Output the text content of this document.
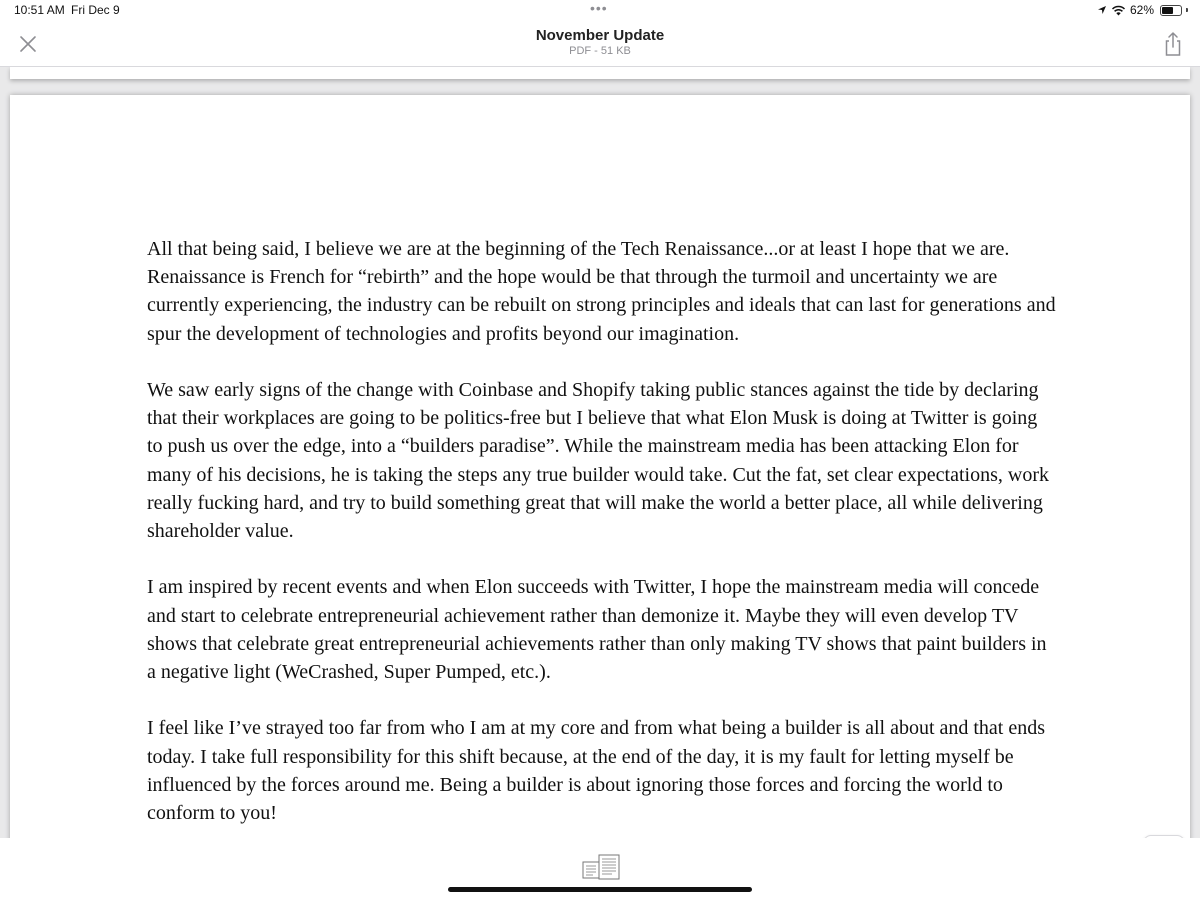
10:51 AM Fri Dec 9	•••	62%
November Update
PDF - 51 KB

All that being said, I believe we are at the beginning of the Tech Renaissance...or at least I hope that we are. Renaissance is French for “rebirth” and the hope would be that through the turmoil and uncertainty we are currently experiencing, the industry can be rebuilt on strong principles and ideals that can last for generations and spur the development of technologies and profits beyond our imagination.

We saw early signs of the change with Coinbase and Shopify taking public stances against the tide by declaring that their workplaces are going to be politics-free but I believe that what Elon Musk is doing at Twitter is going to push us over the edge, into a “builders paradise”. While the mainstream media has been attacking Elon for many of his decisions, he is taking the steps any true builder would take. Cut the fat, set clear expectations, work really fucking hard, and try to build something great that will make the world a better place, all while delivering shareholder value.

I am inspired by recent events and when Elon succeeds with Twitter, I hope the mainstream media will concede and start to celebrate entrepreneurial achievement rather than demonize it. Maybe they will even develop TV shows that celebrate great entrepreneurial achievements rather than only making TV shows that paint builders in a negative light (WeCrashed, Super Pumped, etc.).

I feel like I’ve strayed too far from who I am at my core and from what being a builder is all about and that ends today. I take full responsibility for this shift because, at the end of the day, it is my fault for letting myself be influenced by the forces around me. Being a builder is about ignoring those forces and forcing the world to conform to you!
